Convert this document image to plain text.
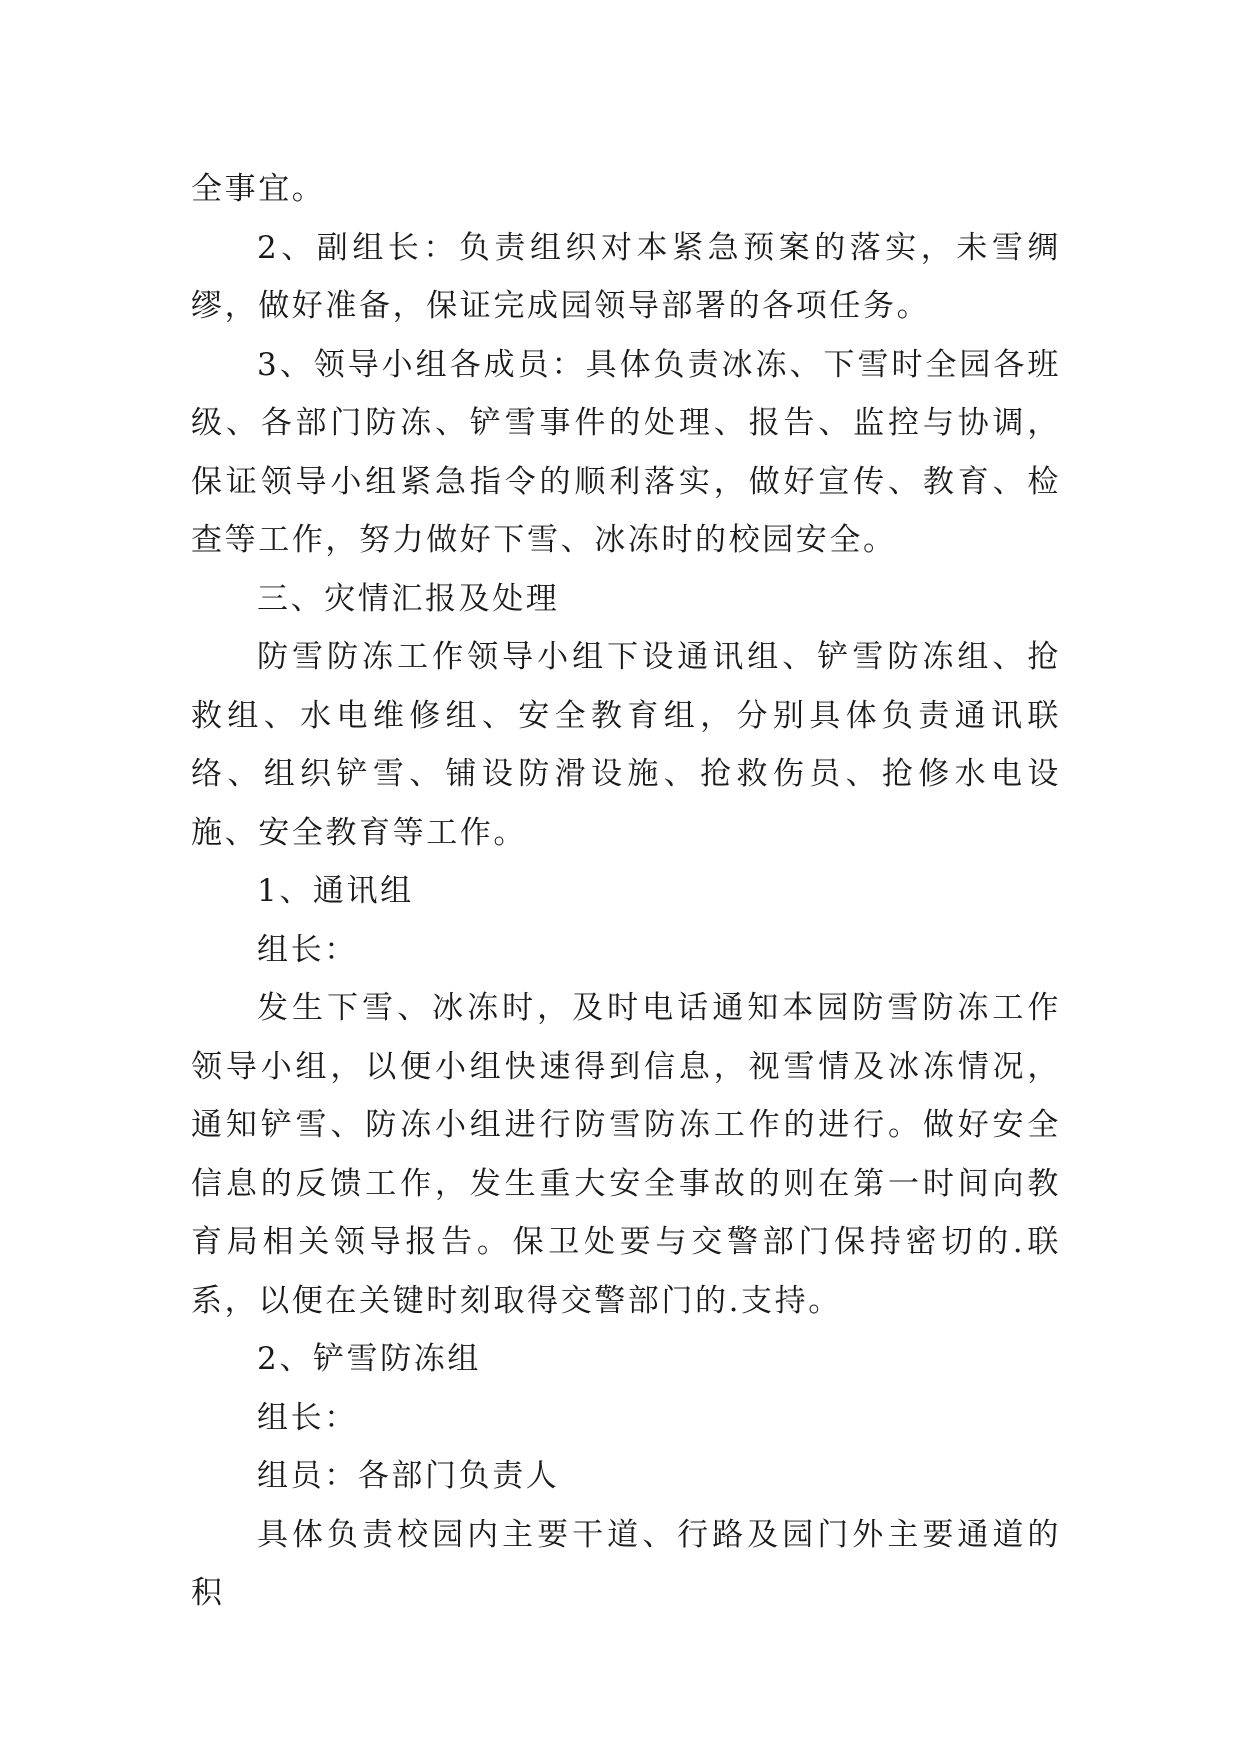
全事宜。

2、副组长：负责组织对本紧急预案的落实，未雪绸缪，做好准备，保证完成园领导部署的各项任务。

3、领导小组各成员：具体负责冰冻、下雪时全园各班级、各部门防冻、铲雪事件的处理、报告、监控与协调，保证领导小组紧急指令的顺利落实，做好宣传、教育、检查等工作，努力做好下雪、冰冻时的校园安全。

三、灾情汇报及处理

防雪防冻工作领导小组下设通讯组、铲雪防冻组、抢救组、水电维修组、安全教育组，分别具体负责通讯联络、组织铲雪、铺设防滑设施、抢救伤员、抢修水电设施、安全教育等工作。

1、通讯组

组长：

发生下雪、冰冻时，及时电话通知本园防雪防冻工作领导小组，以便小组快速得到信息，视雪情及冰冻情况，通知铲雪、防冻小组进行防雪防冻工作的进行。做好安全信息的反馈工作，发生重大安全事故的则在第一时间向教育局相关领导报告。保卫处要与交警部门保持密切的.联系，以便在关键时刻取得交警部门的.支持。

2、铲雪防冻组

组长：

组员：各部门负责人

具体负责校园内主要干道、行路及园门外主要通道的积
